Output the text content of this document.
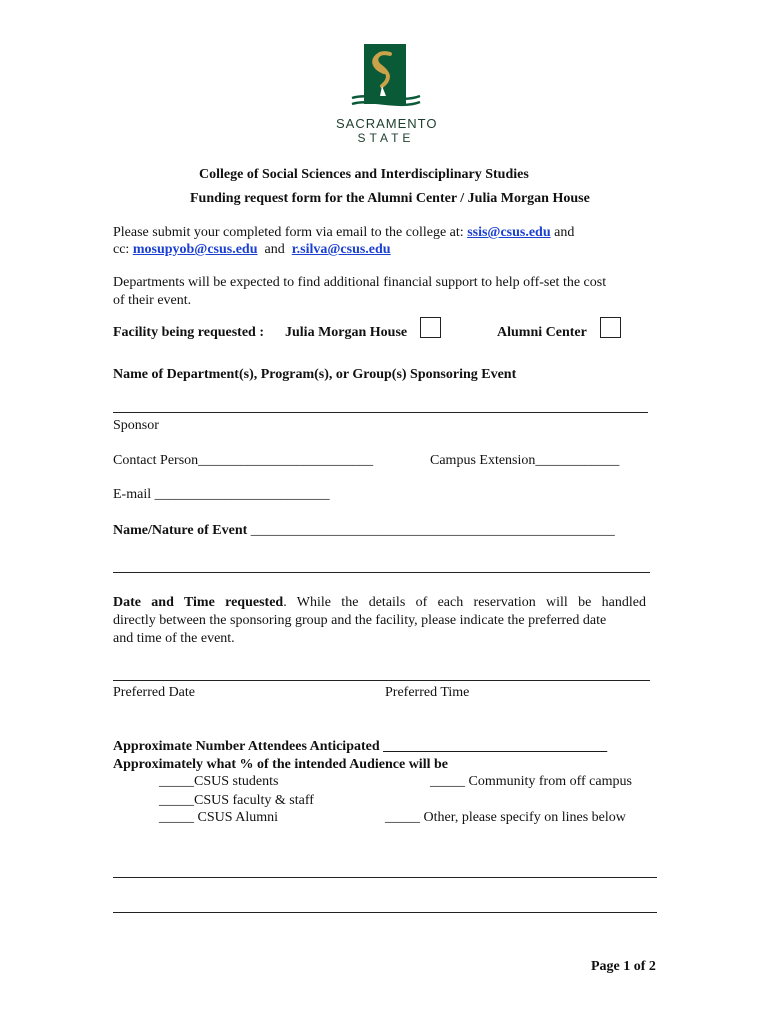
SACRAMENTO
STATE
College of Social Sciences and Interdisciplinary Studies
Funding request form for the Alumni Center / Julia Morgan House
Please submit your completed form via email to the college at: ssis@csus.edu and
cc: mosupyob@csus.edu and r.silva@csus.edu
Departments will be expected to find additional financial support to help off-set the cost
of their event.
Facility being requested : Julia Morgan House	Alumni Center
Name of Department(s), Program(s), or Group(s) Sponsoring Event
Sponsor
Contact Person_________________________	Campus Extension____________
E-mail _________________________
Name/Nature of Event ____________________________________________________
Date and Time requested. While the details of each reservation will be handled
directly between the sponsoring group and the facility, please indicate the preferred date
and time of the event.
Preferred Date	Preferred Time
Approximate Number Attendees Anticipated ________________________________
Approximately what % of the intended Audience will be
_____CSUS students	_____ Community from off campus
_____CSUS faculty & staff
_____ CSUS Alumni	_____ Other, please specify on lines below
Page 1 of 2
